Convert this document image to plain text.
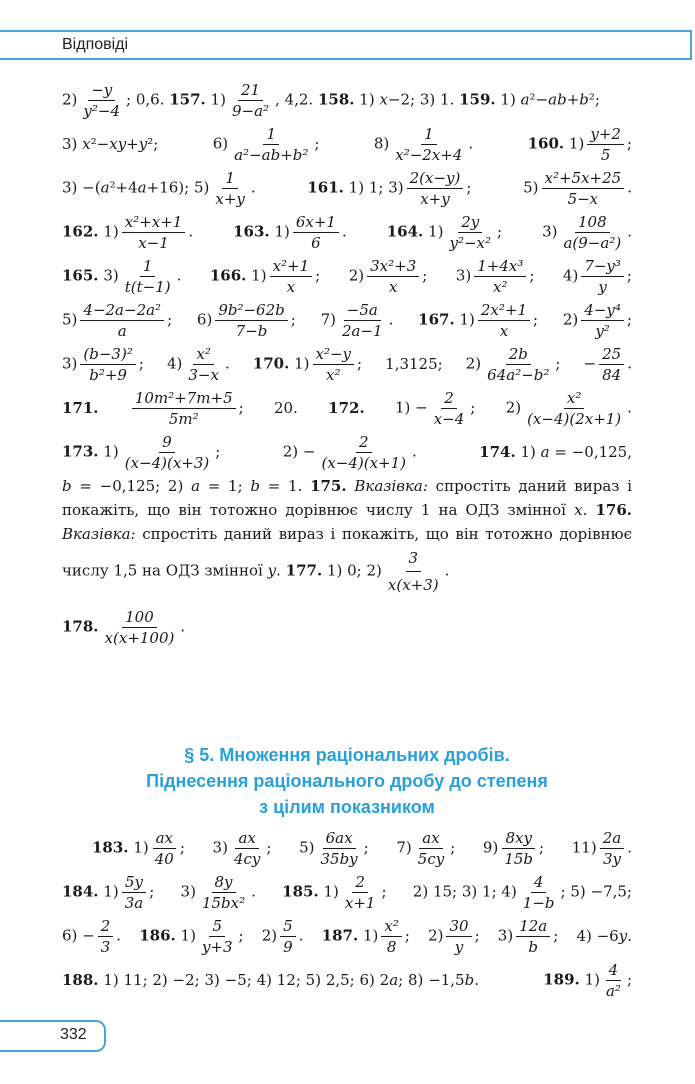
Відповіді
$2) \frac{-y}{\text{y²−4}}$ ; 0,6. 157. $1) \frac{21}{\text{9−a²}}$ , 4,2. 158. 1) x−2; 3) 1. 159. 1) a²−ab+b²;
3) x²−xy+y²;	$6) \frac{1}{\text{a²−ab+b²}}$ ;	$8) \frac{1}{\text{x²−2x+4}}$ .	160. $1) \frac{y+2}{5}$ ;
3) −(a²+4a+16); $5) \frac{1}{x+y}$ .	161. 1) 1; $3) \frac{2(x-y)}{x+y}$ ;	$5) \frac{\text{x²+5x+25}}{5-x}$ .
162. $1) \frac{\text{x²+x+1}}{x-1}$ .	163. $1) \frac{6x+1}{6}$ .	164. $1) \frac{2y}{\text{y²−x²}}$ ;	$3) \frac{108}{\text{a(9−a²)}}$ .
165. $3) \frac{1}{t(t-1)}$ . 166. $1) \frac{\text{x²+1}}{x}$ ; $2) \frac{\text{3x²+3}}{x}$ ; $3) \frac{\text{1+4x³}}{\text{x²}}$ ; $4) \frac{\text{7−y³}}{y}$ ;
$5) \frac{\text{4−2a−2a²}}{a}$ ; $6) \frac{\text{9b²−62b}}{7-b}$ ; $7) \frac{-5a}{2a-1}$ . 167. $1) \frac{\text{2x²+1}}{x}$ ; $2) \frac{\text{4−y⁴}}{\text{y²}}$ ;
$3) \frac{\text{(b−3)²}}{\text{b²+9}}$ ; $4) \frac{\text{x²}}{3-x}$ . 170. $1) \frac{\text{x²−y}}{\text{x²}}$ ; 1,3125; $2) \frac{2b}{\text{64a²−b²}}$ ; − $\frac{25}{84}$ .
171. $\frac{\text{10m²+7m+5}}{\text{5m²}}$ ; 20. 172. $1) - \frac{2}{x-4}$ ; $2) \frac{\text{x²}}{(x-4)(2x+1)}$ .
173. $1) \frac{9}{(x-4)(x+3)}$ ;	$2) - \frac{2}{(x-4)(x+1)}$ .	174. 1) a = −0,125,
b = −0,125; 2) a = 1; b = 1. 175. Вказівка: спростіть даний вираз і покажіть, що він тотожно дорівнює числу 1 на ОДЗ змінної x. 176. Вказівка: спростіть даний вираз і покажіть, що він тотожно дорівнює числу 1,5 на ОДЗ змінної y. 177. 1) 0; $2) \frac{3}{x(x+3)}$ .
178. $\frac{100}{x(x+100)}$ .
§ 5. Множення раціональних дробів.
Піднесення раціонального дробу до степеня
з цілим показником
183. $1) \frac{ax}{40}$ ; $3) \frac{ax}{4cy}$ ; $5) \frac{6ax}{35by}$ ; $7) \frac{ax}{5cy}$ ; $9) \frac{8xy}{15b}$ ; $11) \frac{2a}{3y}$ .
184. $1) \frac{5y}{3a}$ ; $3) \frac{8y}{\text{15bx²}}$ . 185. $1) \frac{2}{x+1}$ ; 2) 15; 3) 1; $4) \frac{4}{1-b}$ ; 5) −7,5;
$6) - \frac{2}{3}$ . 186. $1) \frac{5}{y+3}$ ; $2) \frac{5}{9}$ . 187. $1) \frac{\text{x²}}{8}$ ; $2) \frac{30}{y}$ ; $3) \frac{12a}{b}$ ; 4) −6y.
188. 1) 11; 2) −2; 3) −5; 4) 12; 5) 2,5; 6) 2a; 8) −1,5b.	189. $1) \frac{4}{\text{a²}}$ ;
332
